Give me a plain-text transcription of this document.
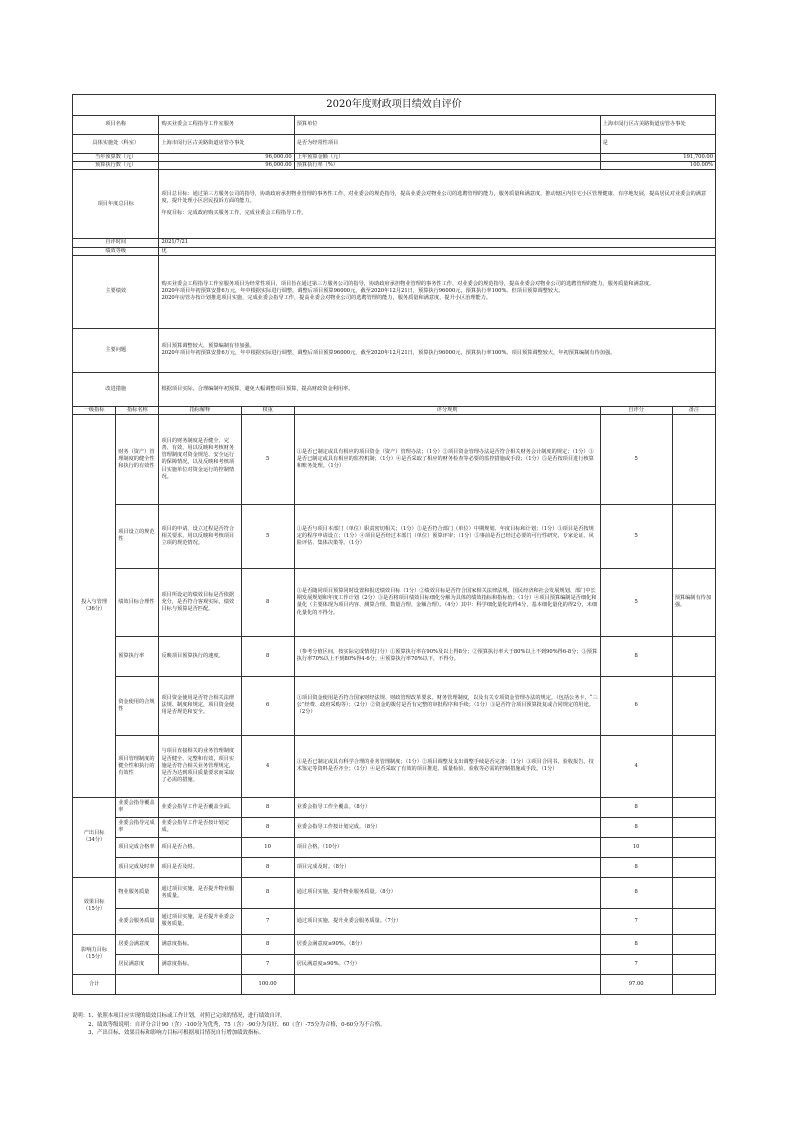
2020年度财政项目绩效自评价						
项目名称		购买业委会工程指导工作室服务		预算单位	上海市闵行区古美路街道房管办事处	
具体实施处（科室）		上海市闵行区古美路街道房管办事处		是否为经常性项目	是	
当年预算数（元）		96,000.00		上年预算金额（元）	191,700.00	
预算执行数（元）		96,000.00		预算执行率（%）	100.00%	
项目年度总目标		项目总目标：通过第三方服务公司的指导，协助政府承担物业管理的事务性工作、对业委会的规范指导，提高业委会对物业公司的选聘管理的能力，服务质量和满意度，推动辖区内住宅小区管理健康、有序地发展，提高居民对业委会的满意度，提升处理小区居民投诉方面的能力。
年度目标：完成政府购买服务工作，完成业委会工程指导工作。				

自评时间		2021/7/21				
绩效等级		优				
主要绩效		购买业委会工程指导工作室服务项目为经常性项目，项目旨在通过第三方服务公司的指导，协助政府承担物业管理的事务性工作、对业委会的规范指导，提高业委会对物业公司的选聘管理的能力，服务质量和满意度。
2020年项目年初预算安排6万元，年中根据实际进行调整，调整后项目预算96000元，截至2020年12月21日，预算执行96000元，预算执行率100%。但项目预算调整较大。
2020年房管办按计划推进项目实施，完成业委会指导工作，提高业委会对物业公司的选聘管理的能力，服务质量和满意度，提升小区治理能力。				

主要问题		项目预算调整较大，预算编制有待加强。
2020年项目年初预算安排6万元，年中根据实际进行调整，调整后项目预算96000元，截至2020年12月21日，预算执行96000元，预算执行率100%。项目预算调整较大，年初预算编制有待加强。				

改进措施		根据项目实际，合理编制年初预算，避免大幅调整项目预算，提高财政资金利用率。				
一级指标	指标名称	指标解释	权重	评分规则	自评分	备注
投入与管理
（36分）	财务（资产）管理制度的健全性和执行的有效性	项目的财务制度是否健全、完善、有效，用以反映和考核财务管理制度对资金规范、安全运行的保障情况，以及反映和考核项目实施单位对资金运行的控制情况。	5	①是否已制定或具有相应的项目资金（资产）管理办法；（1分）②项目资金管理办法是否符合相关财务会计制度的规定；（1分）③是否已制定或具有相应的监控机制；（1分）④是否采取了相应的财务检查等必要的监控措施或手段；（1分）⑤是否按项目进行核算和账务处理。（1分）	5	
	项目设立的规范性	项目的申请、设立过程是否符合相关要求，用以反映和考核项目立项的规范情况。	5	①是否与项目本部门（单位）职责密切相关；（1分）②是否符合部门（单位）中期规划、年度目标和计划；（1分）③项目是否按规定的程序申请设立；（1分）④项目是否经过本部门（单位）预算评审；（1分）⑤事前是否已经过必要的可行性研究、专家论证、风险评估、集体决策等。（1分）	5	
	绩效目标合理性	项目所设定的绩效目标是否依据充分，是否符合客观实际，绩效目标与预算是否匹配。	8	①是否随同项目预算同时设置和报送绩效目标（1分）②绩效目标是否符合国家相关法律法规、国民经济和社会发展规划、部门中长期发展规划和年度工作计划（2分）③是否将项目绩效目标细化分解为具体的绩效指标和指标值；（1分）④项目预算编制是否细化和量化（主要体现为项目内容、测算合理、数量合理、金额合理）。（4分）其中：科学细化量化的得4分，基本细化量化的得2分，未细化量化的不得分。	5	预算编制有待加强。
	预算执行率	反映项目预算执行的速度。	8	（参考分值区间，按实际完成情况打分）①预算执行率在90%及以上得8分；②预算执行率大于80%以上不到90%得6-8分；③预算执行率70%以上不到80%得4-6分；④预算执行率70%以下，不得分。	8	
	资金使用的合规性	项目资金使用是否符合相关法律法规、制度和规定，项目资金使用是否规范和安全。	6	①项目资金使用是否符合国家财经法规、财政管理改革要求、财务管理制度，以及有关专项资金管理办法的规定。（包括公务卡、“三公”经费、政府采购等）；（2分）②资金的拨付是否有完整的审批程序和手续；（1分）③是否符合项目预算批复或合同规定的用途。（2分）	6	
	项目管理制度的健全性和执行的有效性	与项目直接相关的业务管理制度是否健全、完整和有效，项目实施是否符合相关业务管理规定，是否为达到项目质量要求而采取了必需的措施。	4	①是否已制定或具有科学合理的业务管理制度；（1分）②项目调整及支出调整手续是否完备；（1分）③项目合同书、验收报告、技术鉴定等资料是否齐全；（1分）④是否采取了有效的项目推进、质量检验、验收等必需的控制措施或手段。（1分）	4	
产出目标
（34分）	业委会指导覆盖率	业委会指导工作是否覆盖全面。	8	业委会指导工作全覆盖。（8分）	8	
	业委会指导完成率	业委会指导工作是否按计划完成。	8	业委会指导工作按计划完成。（8分）	8	
	项目完成合格率	项目是否合格。	10	项目合格。（10分）	10	
	项目完成及时率	项目是否及时。	8	项目完成及时。（8分）	8	
效果目标
（15分）	物业服务质量	通过项目实施，是否提升物业服务质量。	8	通过项目实施，提升物业服务质量。（8分）	8	
	业委会服务质量	通过项目实施，是否提升业委会服务质量。	7	通过项目实施，提升业委会服务质量。（7分）	7	
影响力目标
（15分）	居委会满意度	满意度指标。	8	居委会满意度≥90%。（8分）	8	
	居民满意度	满意度指标。	7	居民满意度≥90%。（7分）	7	
合计			100.00		97.00	
说明：1、依照本项目应实现的绩效目标或工作计划，对照已完成的情况，进行绩效自评。
　　　2、绩效等级说明：自评分合计90（含）-100分为优秀，75（含）-90分为良好，60（含）-75分为合格，0-60分为不合格。
　　　3、产出目标、效果目标和影响力目标可根据项目情况自行增加绩效指标。
